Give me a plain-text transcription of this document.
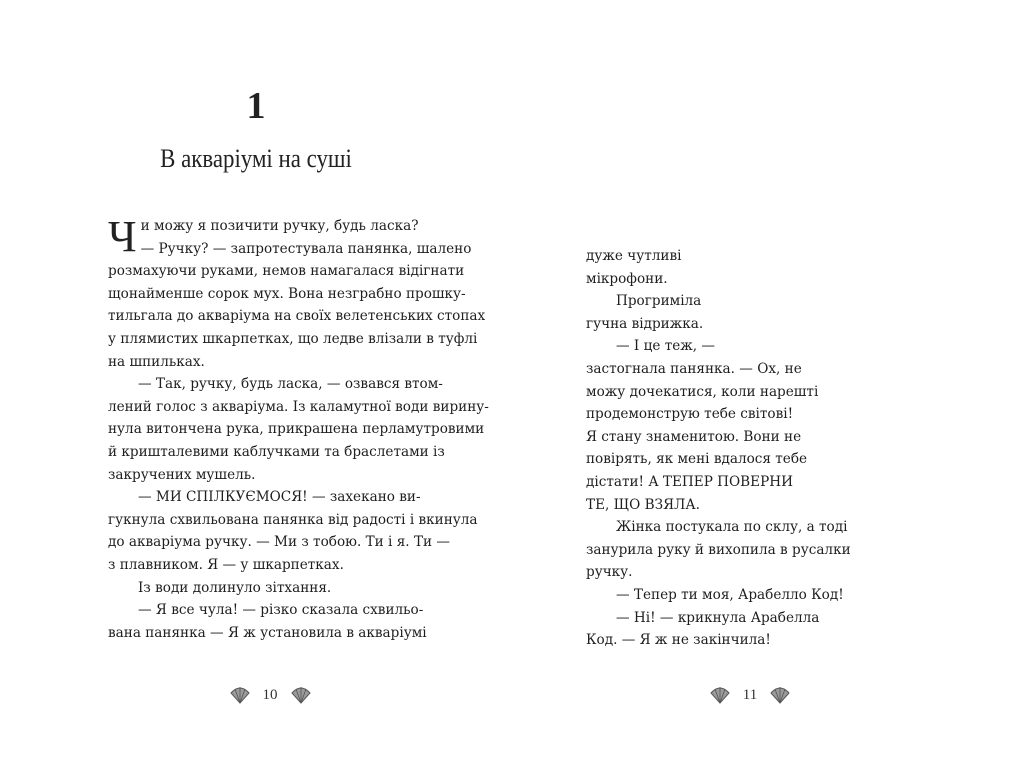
1
В акваріумі на суші
Ч и можу я позичити ручку, будь ласка?
— Ручку? — запротестувала панянка, шалено
розмахуючи руками, немов намагалася відігнати
щонайменше сорок мух. Вона незграбно прошку-
тильгала до акваріума на своїх велетенських стопах
у плямистих шкарпетках, що ледве влізали в туфлі
на шпильках.
— Так, ручку, будь ласка, — озвався втом-
лений голос з акваріума. Із каламутної води вирину-
нула витончена рука, прикрашена перламутровими
й кришталевими каблучками та браслетами із
закручених мушель.
— МИ СПІЛКУЄМОСЯ! — захекано ви-
гукнула схвильована панянка від радості і вкинула
до акваріума ручку. — Ми з тобою. Ти і я. Ти —
з плавником. Я — у шкарпетках.
Із води долинуло зітхання.
— Я все чула! — різко сказала схвильо-
вана панянка — Я ж установила в акваріумі
10	11
дуже чутливі
мікрофони.
Прогриміла
гучна відрижка.
— І це теж, —
застогнала панянка. — Ох, не
можу дочекатися, коли нарешті
продемонструю тебе світові!
Я стану знаменитою. Вони не
повірять, як мені вдалося тебе
дістати! А ТЕПЕР ПОВЕРНИ
ТЕ, ЩО ВЗЯЛА.
Жінка постукала по склу, а тоді
занурила руку й вихопила в русалки
ручку.
— Тепер ти моя, Арабелло Код!
— Ні! — крикнула Арабелла
Код. — Я ж не закінчила!
